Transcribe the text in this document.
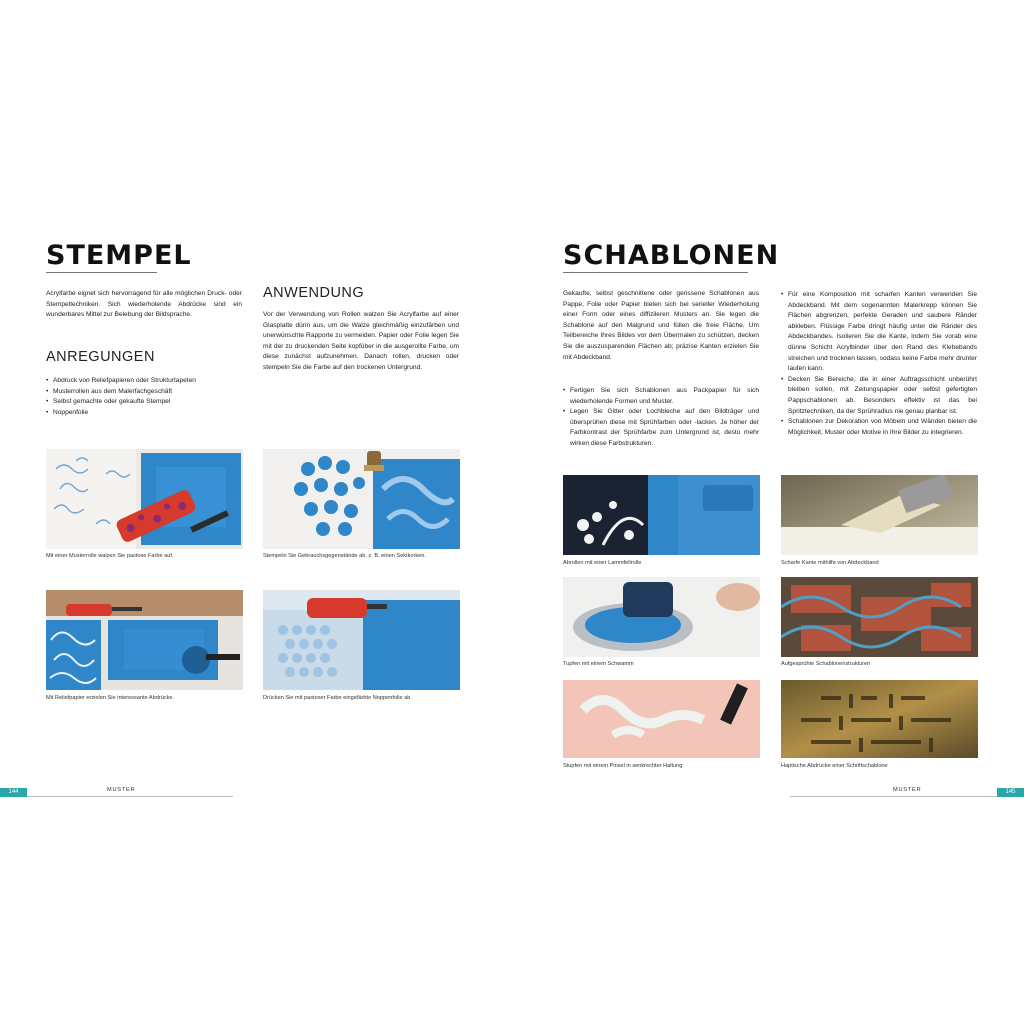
STEMPEL

Acrylfarbe eignet sich hervorragend für alle möglichen Druck- oder Stempeltechniken. Sich wiederholende Abdrücke sind ein wunderbares Mittel zur Belebung der Bildsprache.

ANREGUNGEN
• Abdruck von Reliefpapieren oder Strukturtapeten
• Musterrollen aus dem Malerfachgeschäft
• Selbst gemachte oder gekaufte Stempel
• Noppenfolie
ANWENDUNG

Vor der Verwendung von Rollen walzen Sie Acrylfarbe auf einer Glasplatte dünn aus, um die Walze gleichmäßig einzufärben und unerwünschte Rapporte zu vermeiden. Papier oder Folie legen Sie mit der zu druckenden Seite kopfüber in die ausgerollte Farbe, um diese zunächst aufzunehmen. Danach rollen, drucken oder stempeln Sie die Farbe auf den trockenen Untergrund.

Mit einer Musterrolle walzen Sie pastose Farbe auf.	Stempeln Sie Gebrauchsgegenstände ab, z. B. einen Sektkorken.
Mit Reliefpapier erzielen Sie interessante Abdrücke.	Drücken Sie mit pastoser Farbe eingefärbte Noppenfolie ab.
144	MUSTER
SCHABLONEN

Gekaufte, selbst geschnittene oder gerissene Schablonen aus Pappe, Folie oder Papier bieten sich bei serieller Wiederholung einer Form oder eines diffizileren Musters an. Sie legen die Schablone auf den Malgrund und füllen die freie Fläche. Um Teilbereiche Ihres Bildes vor dem Übermalen zu schützen, decken Sie die auszusparenden Flächen ab; präzise Kanten erzielen Sie mit Abdeckband.

• Fertigen Sie sich Schablonen aus Packpapier für sich wiederholende Formen und Muster.
• Legen Sie Gitter oder Lochbleche auf den Bildträger und übersprühen diese mit Sprühfarben oder -lacken. Je höher der Farbkontrast der Sprühfarbe zum Untergrund ist, desto mehr wirken diese Farbstrukturen.
• Für eine Komposition mit scharfen Kanten verwenden Sie Abdeckband. Mit dem sogenannten Malerkrepp können Sie Flächen abgrenzen, perfekte Geraden und saubere Ränder abkleben. Flüssige Farbe dringt häufig unter die Ränder des Abdeckbandes. Isolieren Sie die Kante, indem Sie vorab eine dünne Schicht Acrylbinder über den Rand des Klebebands streichen und trocknen lassen, sodass keine Farbe mehr drunter laufen kann.
• Decken Sie Bereiche, die in einer Auftragsschicht unberührt bleiben sollen, mit Zeitungspapier oder selbst gefertigten Pappschablonen ab. Besonders effektiv ist das bei Spritztechniken, da der Sprühradius nie genau planbar ist.
• Schablonen zur Dekoration von Möbeln und Wänden bieten die Möglichkeit, Muster oder Motive in Ihre Bilder zu integrieren.
Abrollen mit einer Lammfellrolle	Scharfe Kante mithilfe von Abdeckband
Tupfen mit einem Schwamm	Aufgesprühte Schablonenstrukturen
Stupfen mit einem Pinsel in senkrechter Haltung	Haptische Abdrücke einer Schriftschablone
MUSTER	145
